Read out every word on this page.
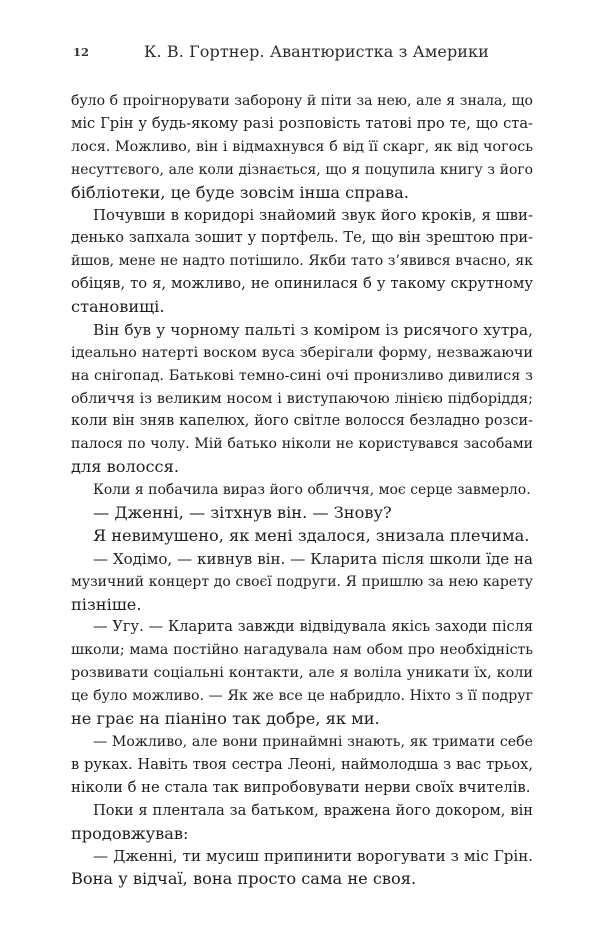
12	К. В. Гортнер. Авантюристка з Америки
було б проігнорувати заборону й піти за нею, але я знала, що
міс Грін у будь-якому разі розповість татові про те, що ста-
лося. Можливо, він і відмахнувся б від її скарг, як від чогось
несуттєвого, але коли дізнається, що я поцупила книгу з його
бібліотеки, це буде зовсім інша справа.
Почувши в коридорі знайомий звук його кроків, я шви-
денько запхала зошит у портфель. Те, що він зрештою при-
йшов, мене не надто потішило. Якби тато з’явився вчасно, як
обіцяв, то я, можливо, не опинилася б у такому скрутному
становищі.
Він був у чорному пальті з коміром із рисячого хутра,
ідеально натерті воском вуса зберігали форму, незважаючи
на снігопад. Батькові темно-сині очі пронизливо дивилися з
обличчя із великим носом і виступаючою лінією підборіддя;
коли він зняв капелюх, його світле волосся безладно розси-
палося по чолу. Мій батько ніколи не користувався засобами
для волосся.
Коли я побачила вираз його обличчя, моє серце завмерло.
— Дженні, — зітхнув він. — Знову?
Я невимушено, як мені здалося, знизала плечима.
— Ходімо, — кивнув він. — Кларита після школи їде на
музичний концерт до своєї подруги. Я пришлю за нею карету
пізніше.
— Угу. — Кларита завжди відвідувала якісь заходи після
школи; мама постійно нагадувала нам обом про необхідність
розвивати соціальні контакти, але я воліла уникати їх, коли
це було можливо. — Як же все це набридло. Ніхто з її подруг
не грає на піаніно так добре, як ми.
— Можливо, але вони принаймні знають, як тримати себе
в руках. Навіть твоя сестра Леоні, наймолодша з вас трьох,
ніколи б не стала так випробовувати нерви своїх вчителів.
Поки я плентала за батьком, вражена його докором, він
продовжував:
— Дженні, ти мусиш припинити ворогувати з міс Грін.
Вона у відчаї, вона просто сама не своя.
